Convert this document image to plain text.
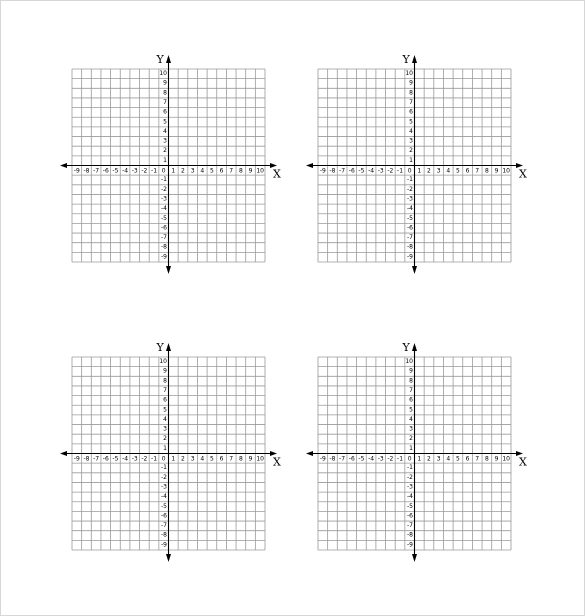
-9 -8 -7 -6 -5 -4 -3 -2 -1 0 1 2 3 4 5 6 7 8 9 10
10
9
8
7
6
5
4
3
2
1
-1
-2
-3
-4
-5
-6
-7
-8
-9
X
Y
-9 -8 -7 -6 -5 -4 -3 -2 -1 0 1 2 3 4 5 6 7 8 9 10
10
9
8
7
6
5
4
3
2
1
-1
-2
-3
-4
-5
-6
-7
-8
-9
X
Y
-9 -8 -7 -6 -5 -4 -3 -2 -1 0 1 2 3 4 5 6 7 8 9 10
10
9
8
7
6
5
4
3
2
1
-1
-2
-3
-4
-5
-6
-7
-8
-9
X
Y
-9 -8 -7 -6 -5 -4 -3 -2 -1 0 1 2 3 4 5 6 7 8 9 10
10
9
8
7
6
5
4
3
2
1
-1
-2
-3
-4
-5
-6
-7
-8
-9
X
Y
